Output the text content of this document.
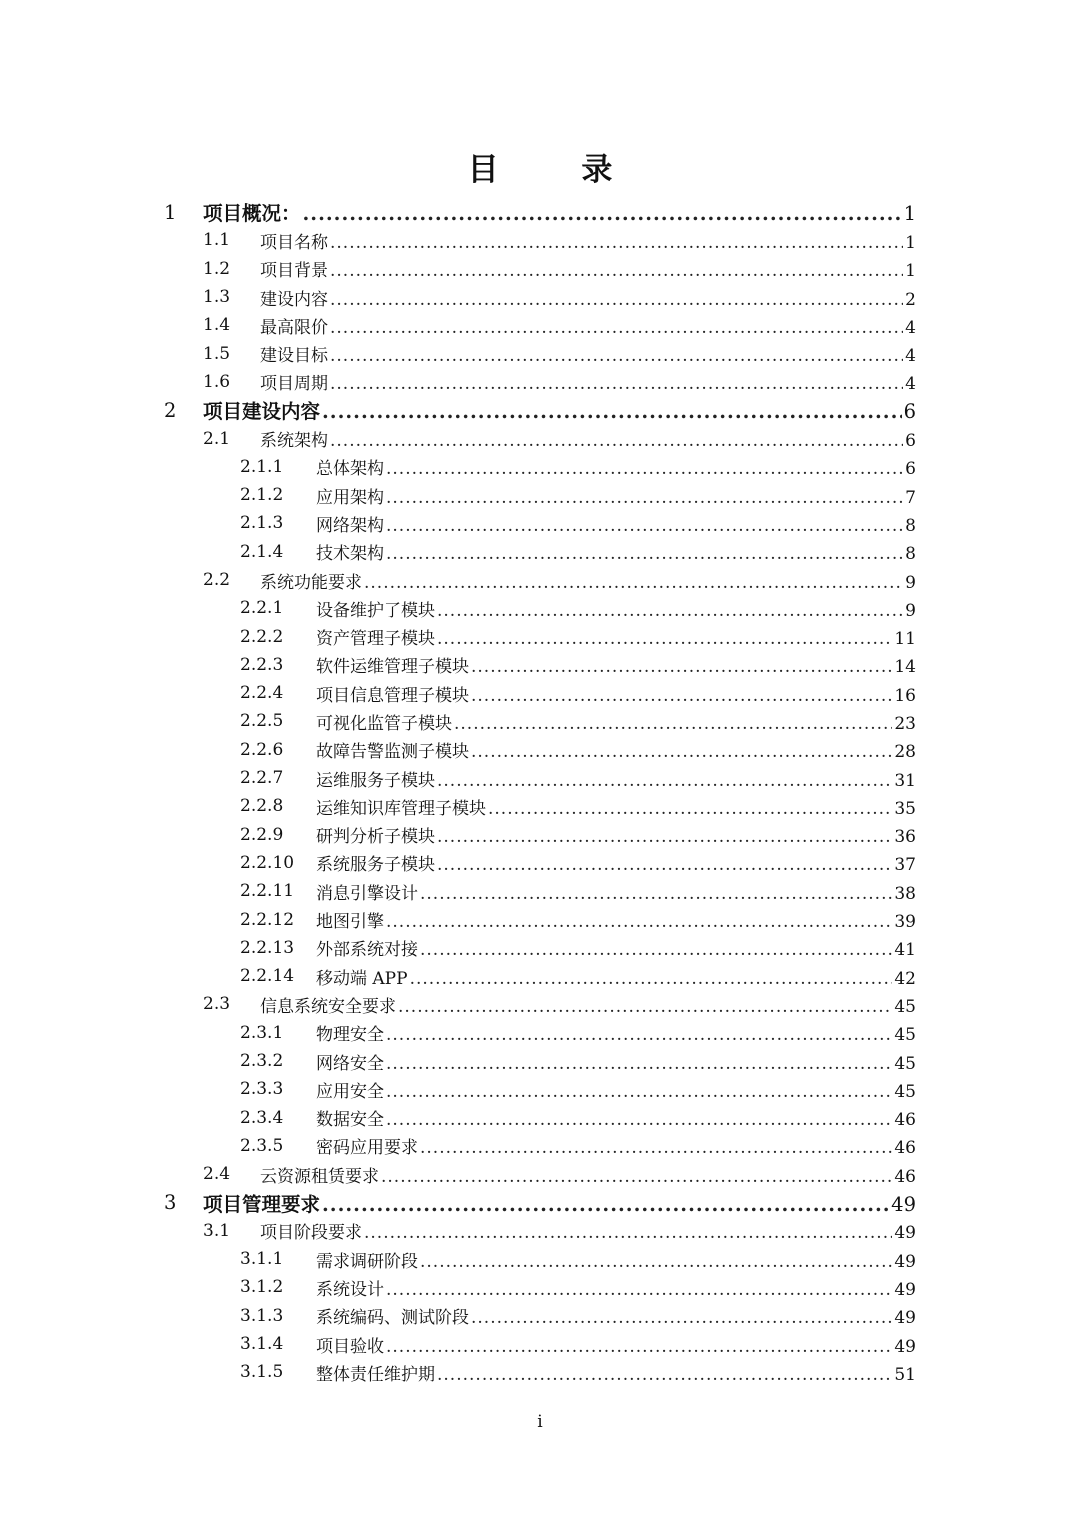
目 录
1 项目概况： .....	1
1.1 项目名称 .....	1
1.2 项目背景 .....	1
1.3 建设内容 .....	2
1.4 最高限价 .....	4
1.5 建设目标 .....	4
1.6 项目周期 .....	4
2 项目建设内容 .....	6
2.1 系统架构 .....	6
2.1.1 总体架构 .....	6
2.1.2 应用架构 .....	7
2.1.3 网络架构 .....	8
2.1.4 技术架构 .....	8
2.2 系统功能要求 .....	9
2.2.1 设备维护了模块 .....	9
2.2.2 资产管理子模块 .....	11
2.2.3 软件运维管理子模块 .....	14
2.2.4 项目信息管理子模块 .....	16
2.2.5 可视化监管子模块 .....	23
2.2.6 故障告警监测子模块 .....	28
2.2.7 运维服务子模块 .....	31
2.2.8 运维知识库管理子模块 .....	35
2.2.9 研判分析子模块 .....	36
2.2.10 系统服务子模块 .....	37
2.2.11 消息引擎设计 .....	38
2.2.12 地图引擎 .....	39
2.2.13 外部系统对接 .....	41
2.2.14 移动端 APP .....	42
2.3 信息系统安全要求 .....	45
2.3.1 物理安全 .....	45
2.3.2 网络安全 .....	45
2.3.3 应用安全 .....	45
2.3.4 数据安全 .....	46
2.3.5 密码应用要求 .....	46
2.4 云资源租赁要求 .....	46
3 项目管理要求 .....	49
3.1 项目阶段要求 .....	49
3.1.1 需求调研阶段 .....	49
3.1.2 系统设计 .....	49
3.1.3 系统编码、测试阶段 .....	49
3.1.4 项目验收 .....	49
3.1.5 整体责任维护期 .....	51
i
